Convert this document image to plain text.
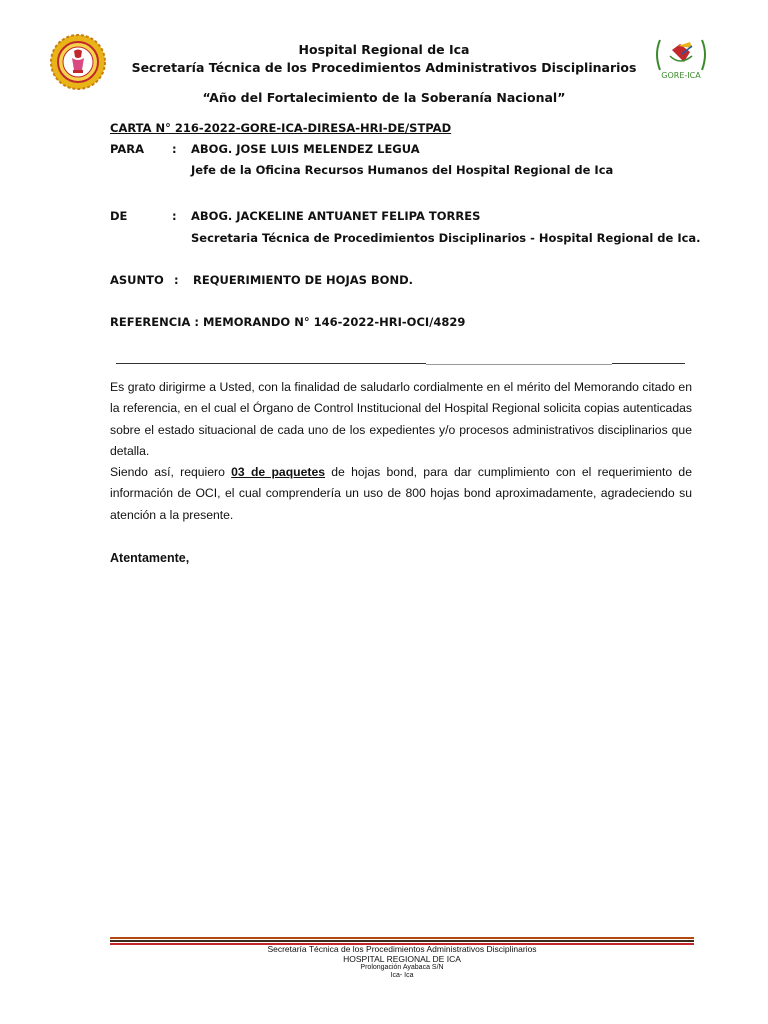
Hospital Regional de Ica
Secretaría Técnica de los Procedimientos Administrativos Disciplinarios
“Año del Fortalecimiento de la Soberanía Nacional”
GORE-ICA
CARTA N° 216-2022-GORE-ICA-DIRESA-HRI-DE/STPAD
PARA : ABOG. JOSE LUIS MELENDEZ LEGUA
Jefe de la Oficina Recursos Humanos del Hospital Regional de Ica
DE	: ABOG. JACKELINE ANTUANET FELIPA TORRES
Secretaria Técnica de Procedimientos Disciplinarios - Hospital Regional de Ica.
ASUNTO : REQUERIMIENTO DE HOJAS BOND.
REFERENCIA : MEMORANDO N° 146-2022-HRI-OCI/4829
Es grato dirigirme a Usted, con la finalidad de saludarlo cordialmente en el mérito del Memorando citado en la referencia, en el cual el Órgano de Control Institucional del Hospital Regional solicita copias autenticadas sobre el estado situacional de cada uno de los expedientes y/o procesos administrativos disciplinarios que detalla.
Siendo así, requiero 03 de paquetes de hojas bond, para dar cumplimiento con el requerimiento de información de OCI, el cual comprendería un uso de 800 hojas bond aproximadamente, agradeciendo su atención a la presente.
Atentamente,
Secretaría Técnica de los Procedimientos Administrativos Disciplinarios
HOSPITAL REGIONAL DE ICA
Prolongación Ayabaca S/N
Ica- Ica
